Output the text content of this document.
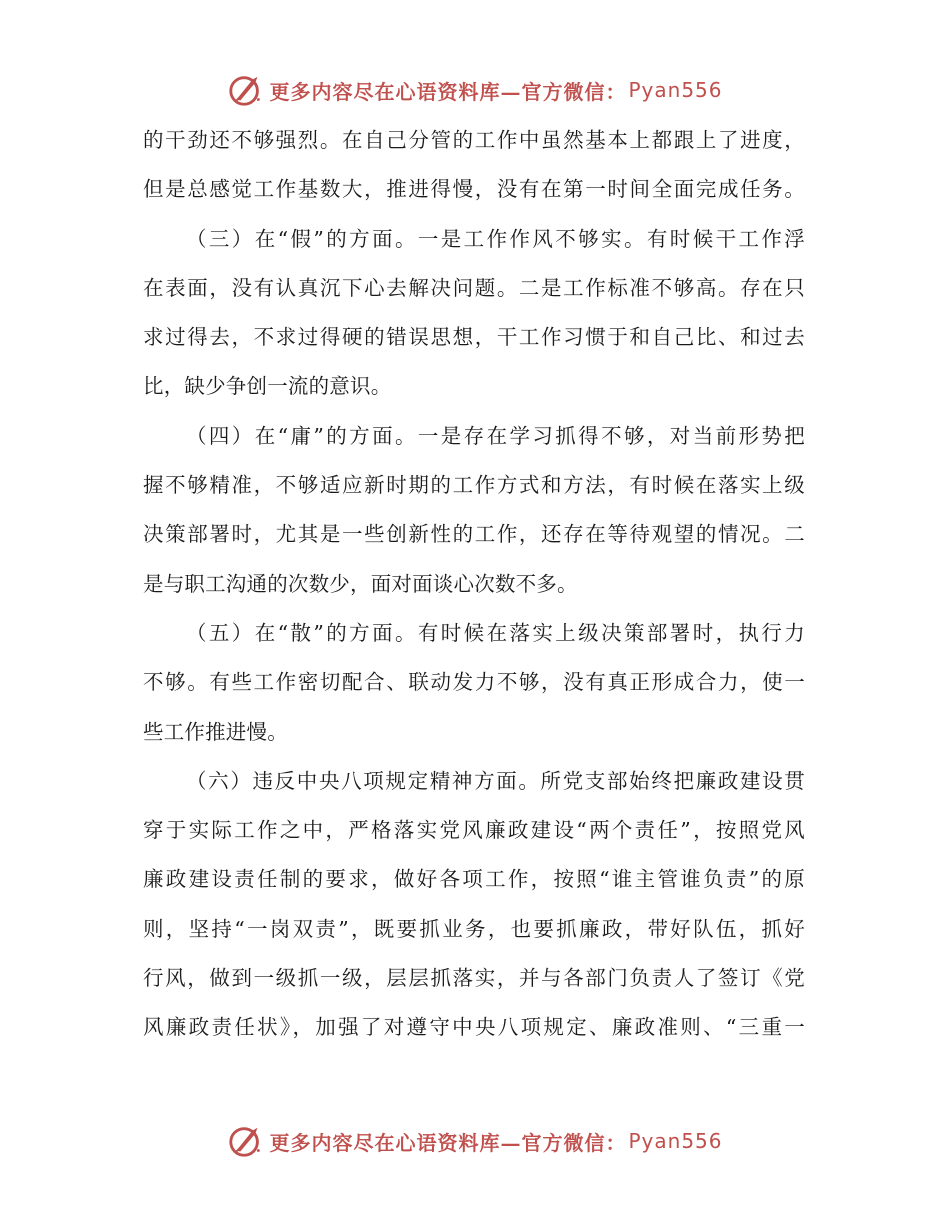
更多内容尽在心语资料库—官方微信： Pyan556
的干劲还不够强烈。在自己分管的工作中虽然基本上都跟上了进度，
但是总感觉工作基数大，推进得慢，没有在第一时间全面完成任务。
（三）在“假”的方面。一是工作作风不够实。有时候干工作浮
在表面，没有认真沉下心去解决问题。二是工作标准不够高。存在只
求过得去，不求过得硬的错误思想，干工作习惯于和自己比、和过去
比，缺少争创一流的意识。
（四）在“庸”的方面。一是存在学习抓得不够，对当前形势把
握不够精准，不够适应新时期的工作方式和方法，有时候在落实上级
决策部署时，尤其是一些创新性的工作，还存在等待观望的情况。二
是与职工沟通的次数少，面对面谈心次数不多。
（五）在“散”的方面。有时候在落实上级决策部署时，执行力
不够。有些工作密切配合、联动发力不够，没有真正形成合力，使一
些工作推进慢。
（六）违反中央八项规定精神方面。所党支部始终把廉政建设贯
穿于实际工作之中，严格落实党风廉政建设“两个责任”，按照党风
廉政建设责任制的要求，做好各项工作，按照“谁主管谁负责”的原
则，坚持“一岗双责”，既要抓业务，也要抓廉政，带好队伍，抓好
行风，做到一级抓一级，层层抓落实，并与各部门负责人了签订《党
风廉政责任状》，加强了对遵守中央八项规定、廉政准则、“三重一
更多内容尽在心语资料库—官方微信： Pyan556
